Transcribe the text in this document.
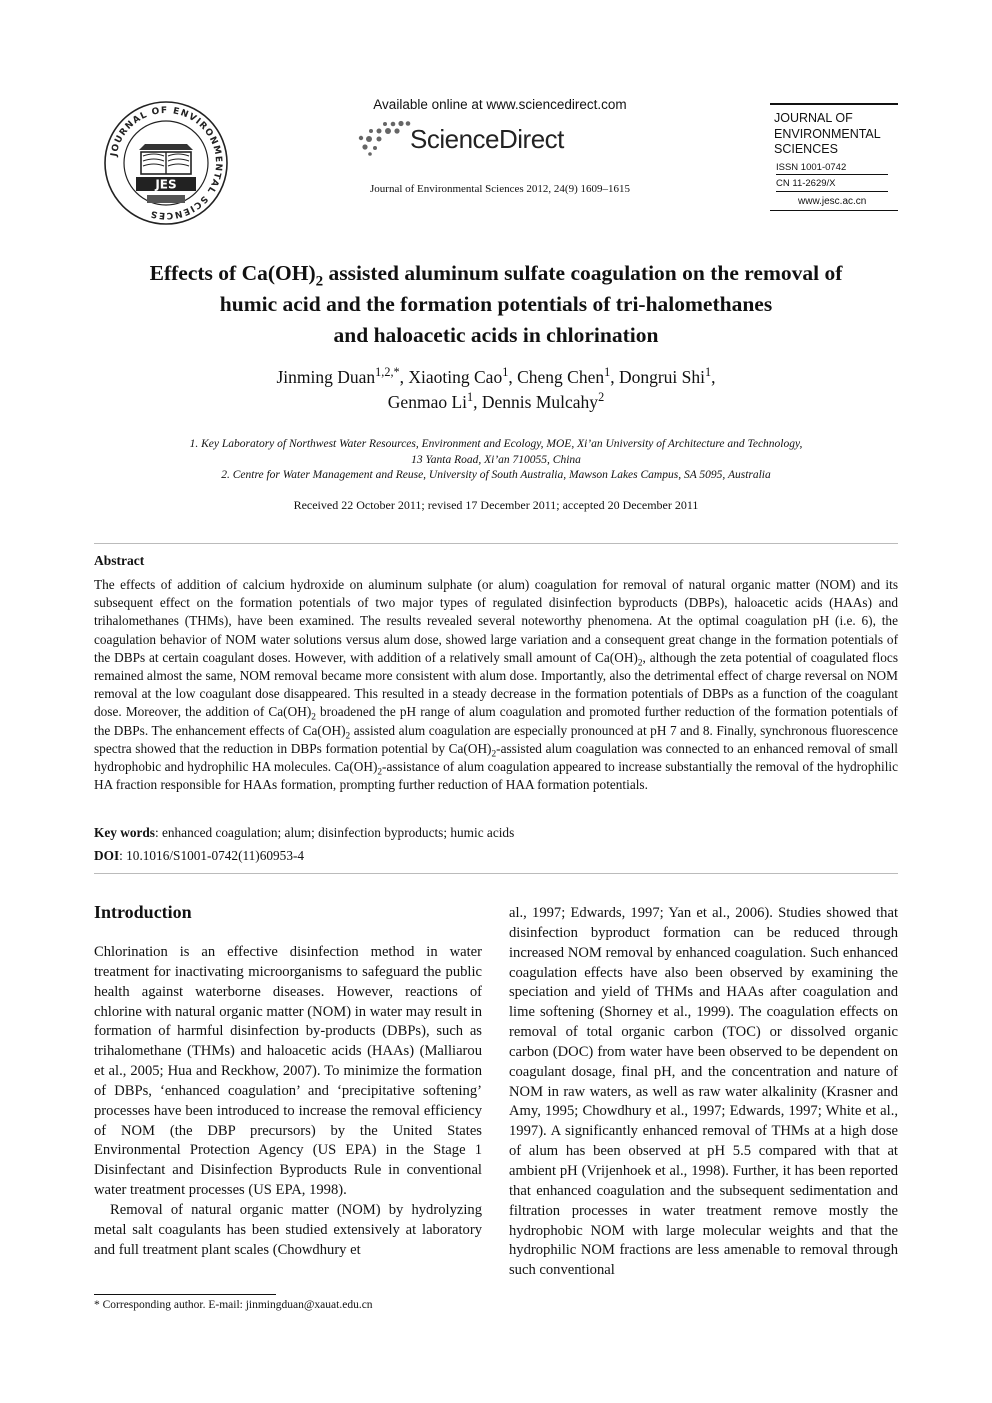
JOURNAL OF ENVIRONMENTAL SCIENCES
JES
Available online at www.sciencedirect.com
ScienceDirect
Journal of Environmental Sciences 2012, 24(9) 1609–1615
JOURNAL OF
ENVIRONMENTAL
SCIENCES
ISSN 1001-0742
CN 11-2629/X
www.jesc.ac.cn
Effects of $Ca(OH)_2$ assisted aluminum sulfate coagulation on the removal of
humic acid and the formation potentials of tri-halomethanes
and haloacetic acids in chlorination
Jinming Duan$^{1,2,*}$, Xiaoting Cao$^1$, Cheng Chen$^1$, Dongrui Shi$^1$,
Genmao Li$^1$, Dennis Mulcahy$^2$
1. Key Laboratory of Northwest Water Resources, Environment and Ecology, MOE, Xi’an University of Architecture and Technology,
13 Yanta Road, Xi’an 710055, China
2. Centre for Water Management and Reuse, University of South Australia, Mawson Lakes Campus, SA 5095, Australia
Received 22 October 2011; revised 17 December 2011; accepted 20 December 2011
Abstract
The effects of addition of calcium hydroxide on aluminum sulphate (or alum) coagulation for removal of natural organic matter (NOM) and its subsequent effect on the formation potentials of two major types of regulated disinfection byproducts (DBPs), haloacetic acids (HAAs) and trihalomethanes (THMs), have been examined. The results revealed several noteworthy phenomena. At the optimal coagulation pH (i.e. 6), the coagulation behavior of NOM water solutions versus alum dose, showed large variation and a consequent great change in the formation potentials of the DBPs at certain coagulant doses. However, with addition of a relatively small amount of $Ca(OH)_2$, although the zeta potential of coagulated flocs remained almost the same, NOM removal became more consistent with alum dose. Importantly, also the detrimental effect of charge reversal on NOM removal at the low coagulant dose disappeared. This resulted in a steady decrease in the formation potentials of DBPs as a function of the coagulant dose. Moreover, the addition of $Ca(OH)_2$ broadened the pH range of alum coagulation and promoted further reduction of the formation potentials of the DBPs. The enhancement effects of $Ca(OH)_2$ assisted alum coagulation are especially pronounced at pH 7 and 8. Finally, synchronous fluorescence spectra showed that the reduction in DBPs formation potential by $Ca(OH)_2$-assisted alum coagulation was connected to an enhanced removal of small hydrophobic and hydrophilic HA molecules. $Ca(OH)_2$-assistance of alum coagulation appeared to increase substantially the removal of the hydrophilic HA fraction responsible for HAAs formation, prompting further reduction of HAA formation potentials.
Key words: enhanced coagulation; alum; disinfection byproducts; humic acids
DOI: 10.1016/S1001-0742(11)60953-4
Introduction

Chlorination is an effective disinfection method in water treatment for inactivating microorganisms to safeguard the public health against waterborne diseases. However, reactions of chlorine with natural organic matter (NOM) in water may result in formation of harmful disinfection by-products (DBPs), such as trihalomethane (THMs) and haloacetic acids (HAAs) (Malliarou et al., 2005; Hua and Reckhow, 2007). To minimize the formation of DBPs, ‘enhanced coagulation’ and ‘precipitative softening’ processes have been introduced to increase the removal efficiency of NOM (the DBP precursors) by the United States Environmental Protection Agency (US EPA) in the Stage 1 Disinfectant and Disinfection Byproducts Rule in conventional water treatment processes (US EPA, 1998).

Removal of natural organic matter (NOM) by hydrolyzing metal salt coagulants has been studied extensively at laboratory and full treatment plant scales (Chowdhury et

al., 1997; Edwards, 1997; Yan et al., 2006). Studies showed that disinfection byproduct formation can be reduced through increased NOM removal by enhanced coagulation. Such enhanced coagulation effects have also been observed by examining the speciation and yield of THMs and HAAs after coagulation and lime softening (Shorney et al., 1999). The coagulation effects on removal of total organic carbon (TOC) or dissolved organic carbon (DOC) from water have been observed to be dependent on coagulant dosage, final pH, and the concentration and nature of NOM in raw waters, as well as raw water alkalinity (Krasner and Amy, 1995; Chowdhury et al., 1997; Edwards, 1997; White et al., 1997). A significantly enhanced removal of THMs at a high dose of alum has been observed at pH 5.5 compared with that at ambient pH (Vrijenhoek et al., 1998). Further, it has been reported that enhanced coagulation and the subsequent sedimentation and filtration processes in water treatment remove mostly the hydrophobic NOM with large molecular weights and that the hydrophilic NOM fractions are less amenable to removal through such conventional

* Corresponding author. E-mail: jinmingduan@xauat.edu.cn
